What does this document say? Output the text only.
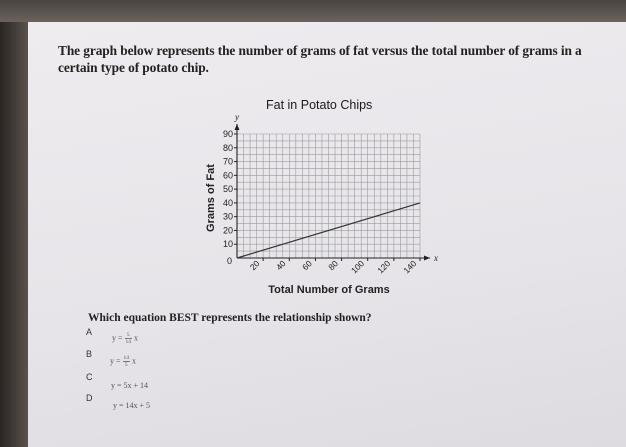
The graph below represents the number of grams of fat versus the total number of grams in a certain type of potato chip.
Fat in Potato Chips
10
20
30
40
50
60
70
80
90
20 40 60 80 100 120 140
0	x
y
Total Number of Grams
Grams of Fat
Which equation BEST represents the relationship shown?
A
$y = \frac{5}{14}$ x
B
$y = \frac{14}{5}$ x
C
y = 5x + 14
D
y = 14x + 5
